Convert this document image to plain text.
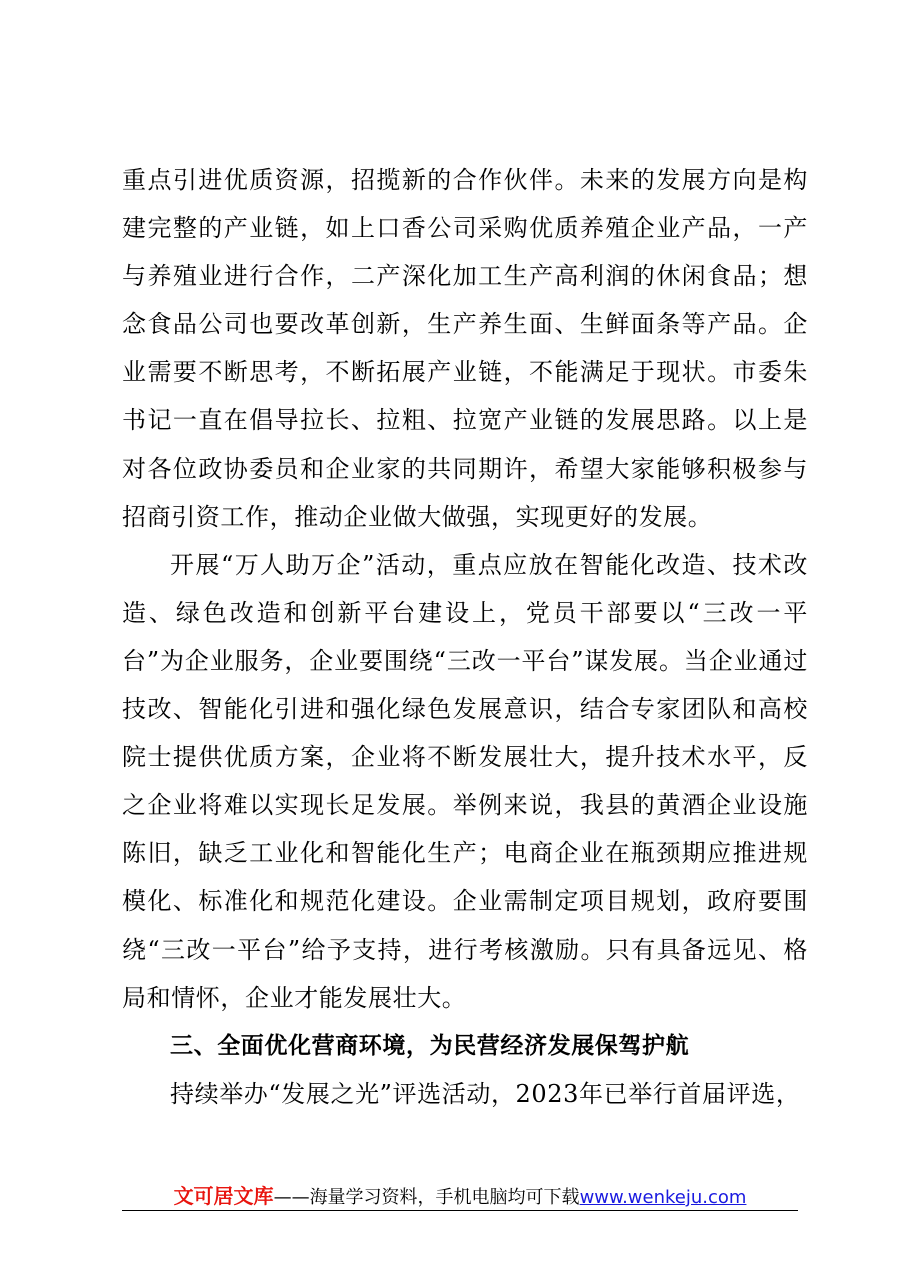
重点引进优质资源，招揽新的合作伙伴。未来的发展方向是构建完整的产业链，如上口香公司采购优质养殖企业产品，一产与养殖业进行合作，二产深化加工生产高利润的休闲食品；想念食品公司也要改革创新，生产养生面、生鲜面条等产品。企业需要不断思考，不断拓展产业链，不能满足于现状。市委朱书记一直在倡导拉长、拉粗、拉宽产业链的发展思路。以上是对各位政协委员和企业家的共同期许，希望大家能够积极参与招商引资工作，推动企业做大做强，实现更好的发展。

开展“万人助万企”活动，重点应放在智能化改造、技术改造、绿色改造和创新平台建设上，党员干部要以“三改一平台”为企业服务，企业要围绕“三改一平台”谋发展。当企业通过技改、智能化引进和强化绿色发展意识，结合专家团队和高校院士提供优质方案，企业将不断发展壮大，提升技术水平，反之企业将难以实现长足发展。举例来说，我县的黄酒企业设施陈旧，缺乏工业化和智能化生产；电商企业在瓶颈期应推进规模化、标准化和规范化建设。企业需制定项目规划，政府要围绕“三改一平台”给予支持，进行考核激励。只有具备远见、格局和情怀，企业才能发展壮大。

三、全面优化营商环境，为民营经济发展保驾护航

持续举办“发展之光”评选活动，2023年已举行首届评选，

文可居文库——海量学习资料，手机电脑均可下载www.wenkeju.com
